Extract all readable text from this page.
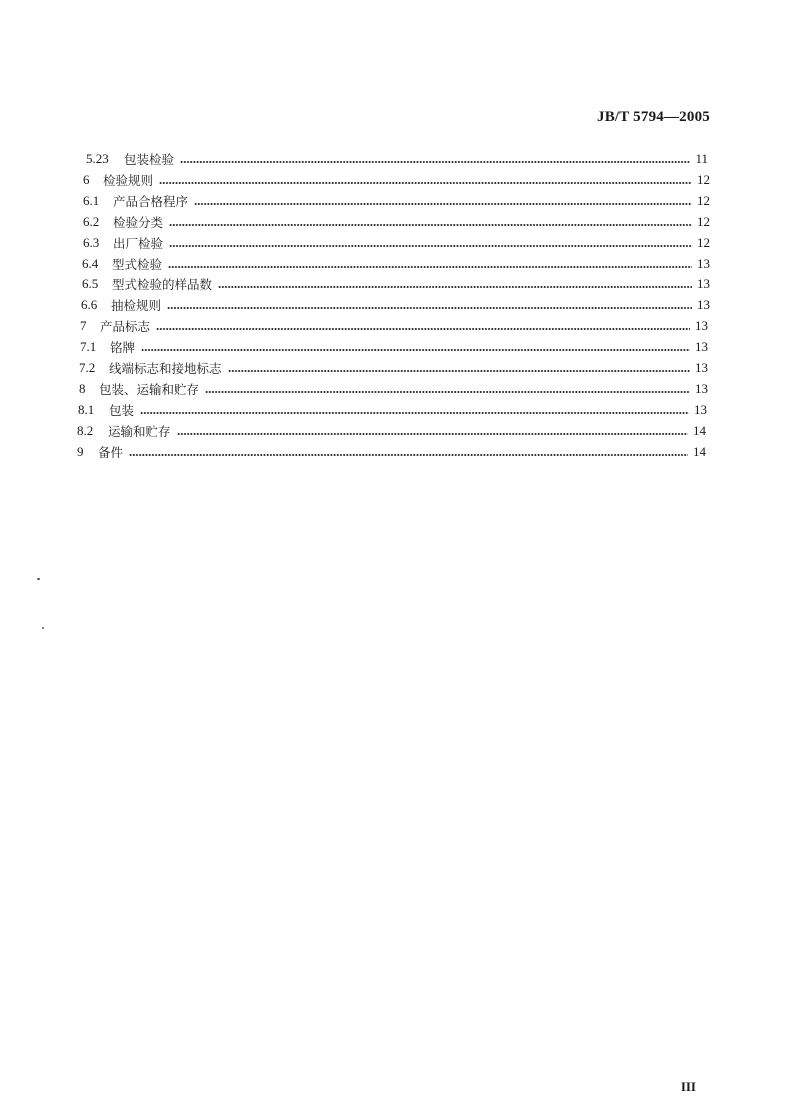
JB/T 5794—2005
5.23	包装检验	11
6	检验规则	12
6.1	产品合格程序	12
6.2	检验分类	12
6.3	出厂检验	12
6.4	型式检验	13
6.5	型式检验的样品数	13
6.6	抽检规则	13
7	产品标志	13
7.1	铭牌	13
7.2	线端标志和接地标志	13
8	包装、运输和贮存	13
8.1	包装	13
8.2	运输和贮存	14
9	备件	14
III
